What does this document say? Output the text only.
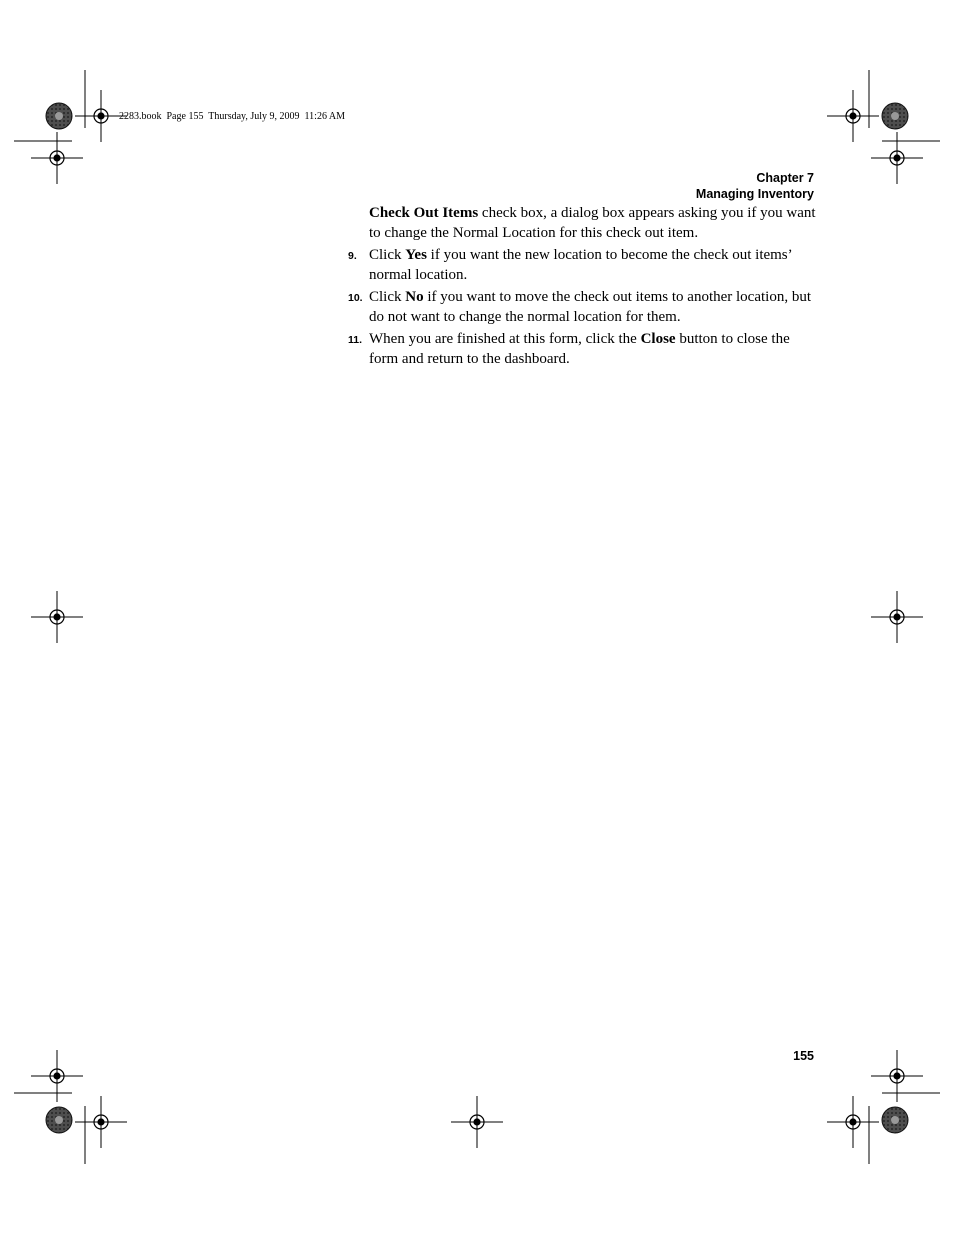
2283.book  Page 155  Thursday, July 9, 2009  11:26 AM
Chapter 7
Managing Inventory

Check Out Items check box, a dialog box appears asking you if you want to change the Normal Location for this check out item.

9. Click Yes if you want the new location to become the check out items’ normal location.
10. Click No if you want to move the check out items to another location, but do not want to change the normal location for them.
11. When you are finished at this form, click the Close button to close the form and return to the dashboard.
155
